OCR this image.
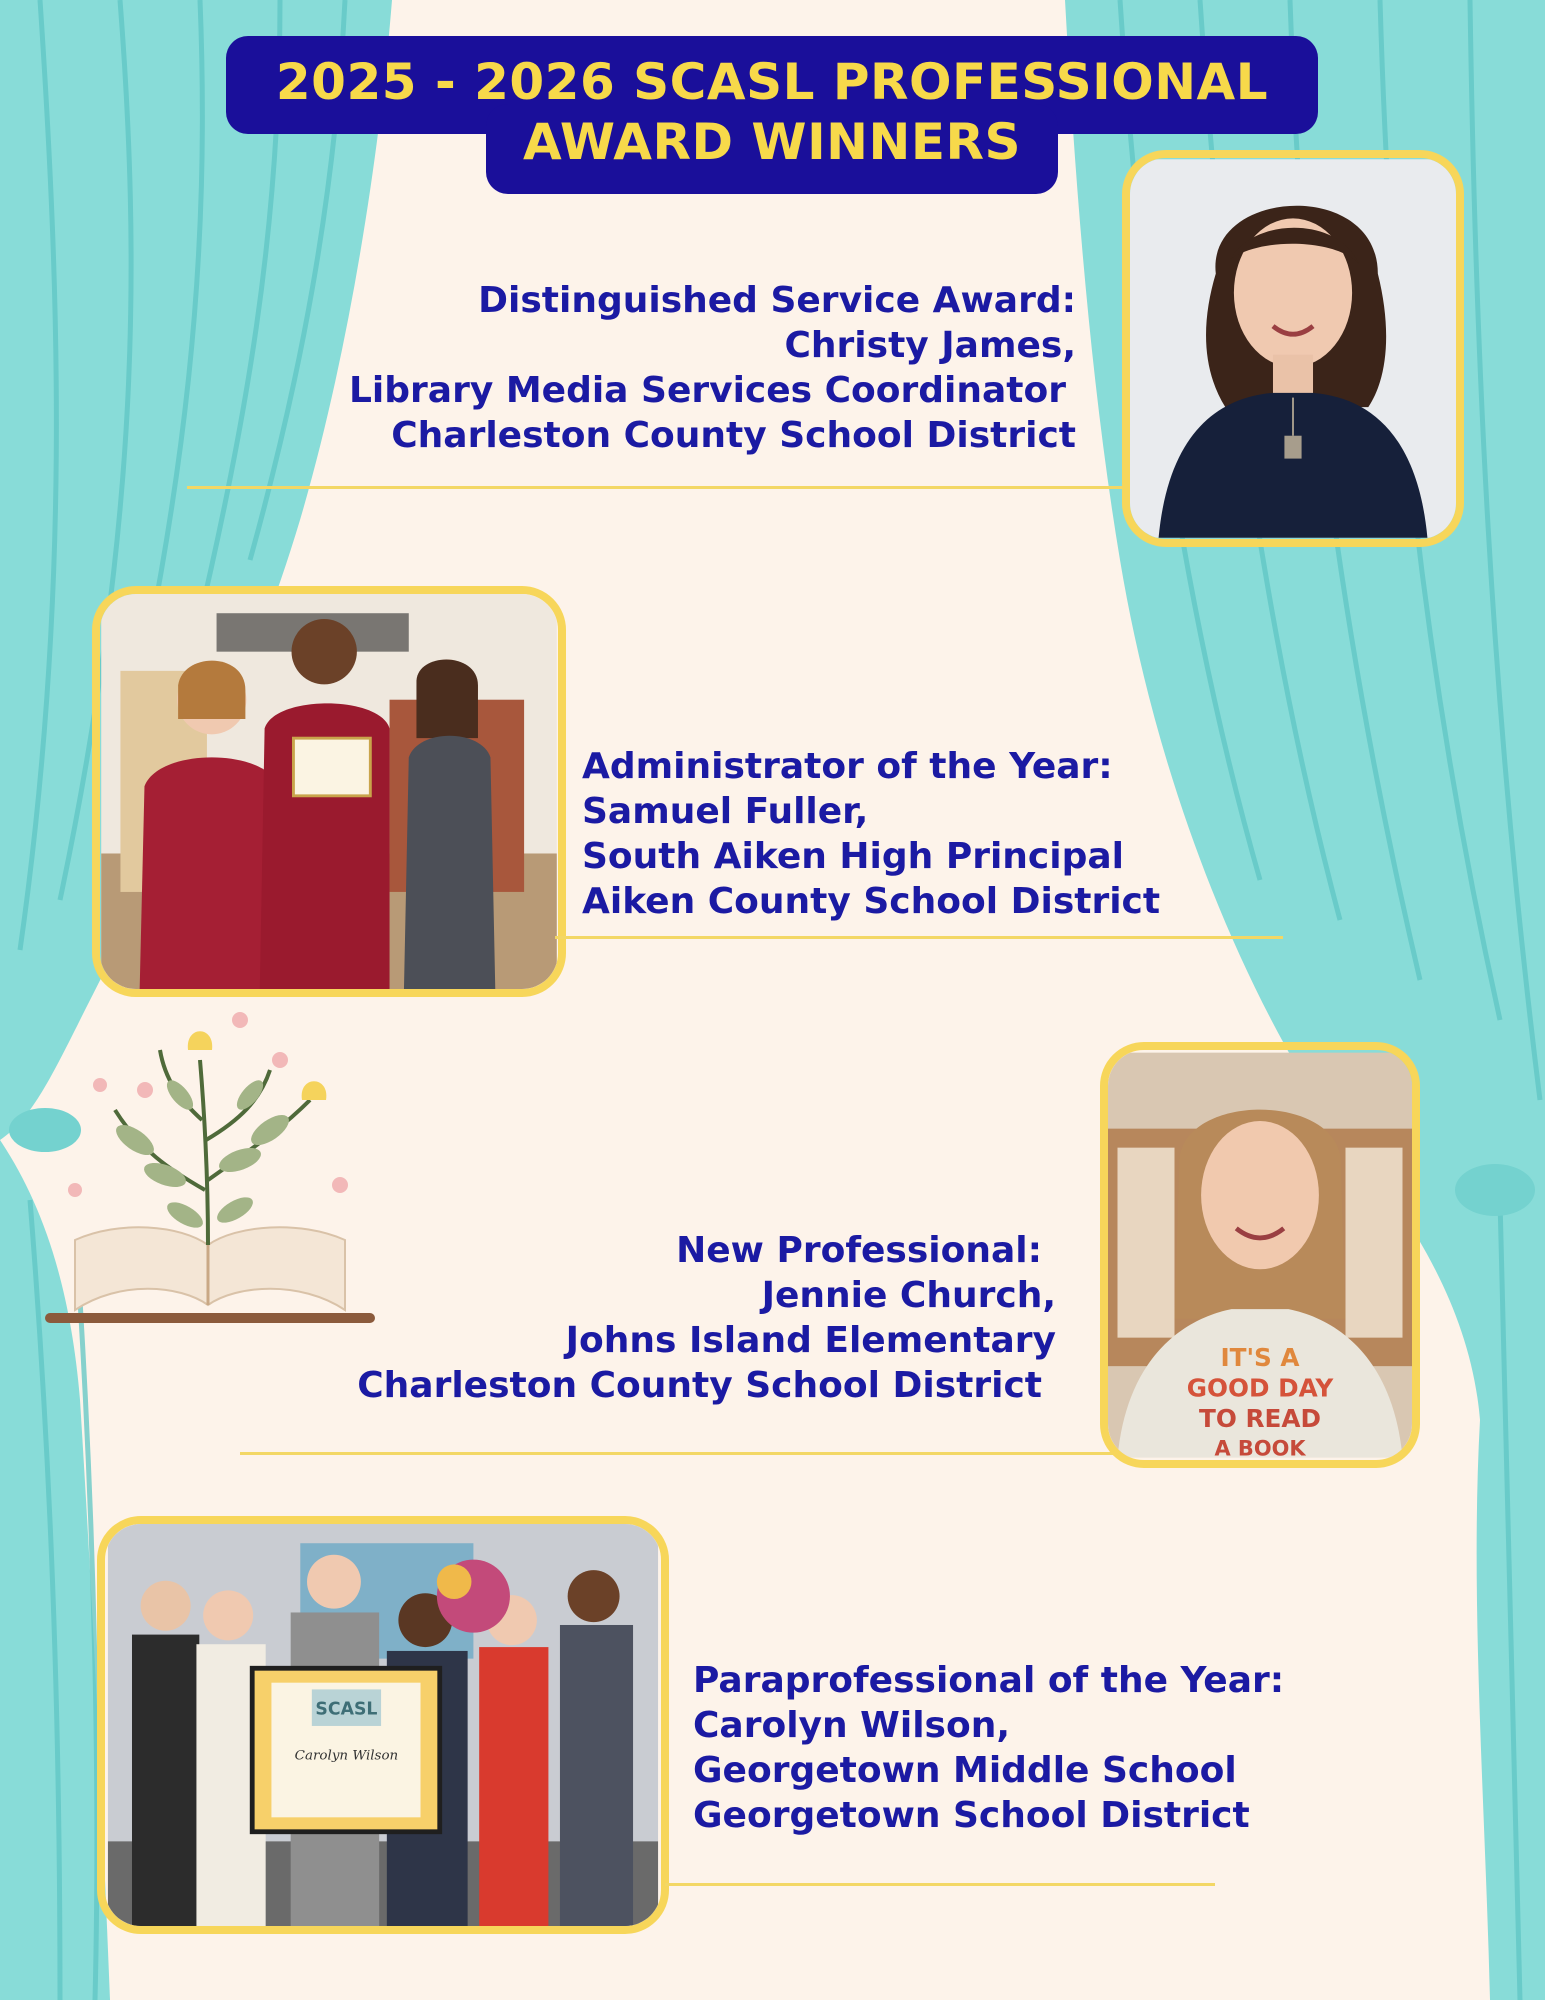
2025 - 2026 SCASL PROFESSIONAL
AWARD WINNERS
Distinguished Service Award:
Christy James,
Library Media Services Coordinator
Charleston County School District
Administrator of the Year:
Samuel Fuller,
South Aiken High Principal
Aiken County School District
New Professional:
Jennie Church,
Johns Island Elementary
Charleston County School District
IT'S A
GOOD DAY
TO READ
A BOOK
SCASL
Carolyn Wilson
Paraprofessional of the Year:
Carolyn Wilson,
Georgetown Middle School
Georgetown School District
